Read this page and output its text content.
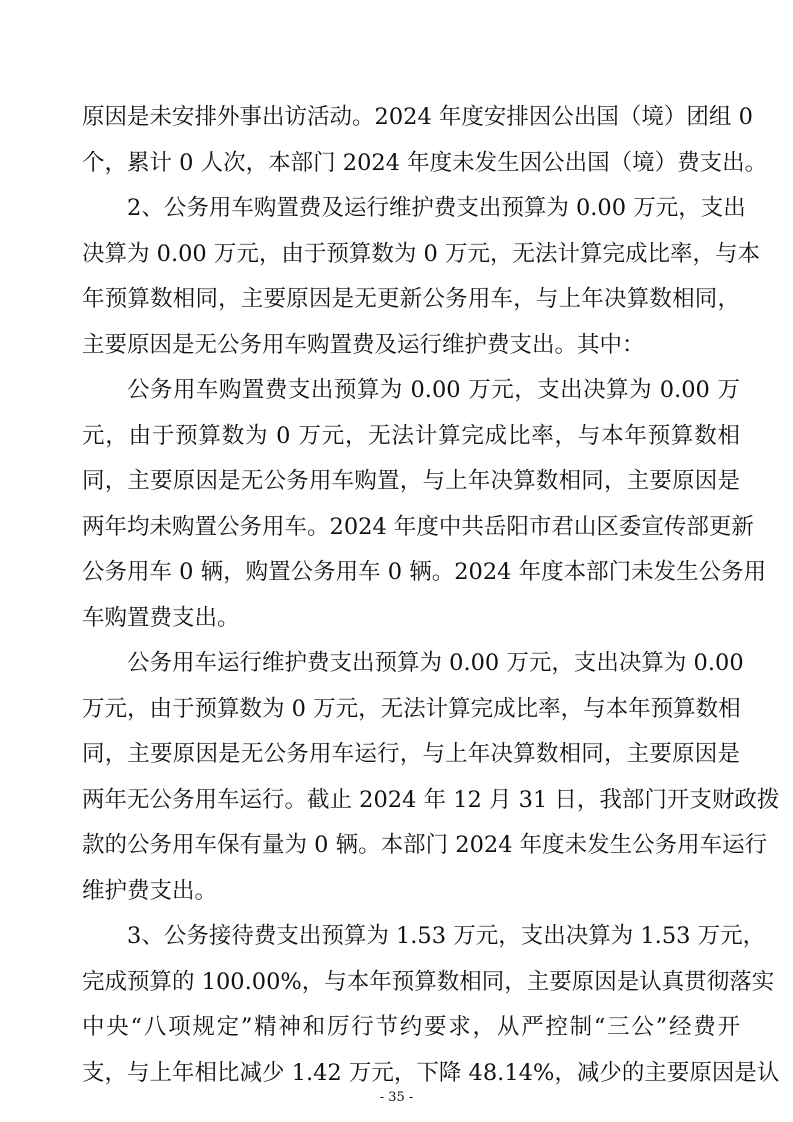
原因是未安排外事出访活动。2024 年度安排因公出国（境）团组 0
个，累计 0 人次，本部门 2024 年度未发生因公出国（境）费支出。
2、公务用车购置费及运行维护费支出预算为 0.00 万元，支出
决算为 0.00 万元，由于预算数为 0 万元，无法计算完成比率，与本
年预算数相同，主要原因是无更新公务用车，与上年决算数相同，
主要原因是无公务用车购置费及运行维护费支出。其中：
公务用车购置费支出预算为 0.00 万元，支出决算为 0.00 万
元，由于预算数为 0 万元，无法计算完成比率，与本年预算数相
同，主要原因是无公务用车购置，与上年决算数相同，主要原因是
两年均未购置公务用车。2024 年度中共岳阳市君山区委宣传部更新
公务用车 0 辆，购置公务用车 0 辆。2024 年度本部门未发生公务用
车购置费支出。
公务用车运行维护费支出预算为 0.00 万元，支出决算为 0.00
万元，由于预算数为 0 万元，无法计算完成比率，与本年预算数相
同，主要原因是无公务用车运行，与上年决算数相同，主要原因是
两年无公务用车运行。截止 2024 年 12 月 31 日，我部门开支财政拨
款的公务用车保有量为 0 辆。本部门 2024 年度未发生公务用车运行
维护费支出。
3、公务接待费支出预算为 1.53 万元，支出决算为 1.53 万元，
完成预算的 100.00%，与本年预算数相同，主要原因是认真贯彻落实
中央“八项规定”精神和厉行节约要求，从严控制“三公”经费开
支，与上年相比减少 1.42 万元，下降 48.14%，减少的主要原因是认
- 35 -
